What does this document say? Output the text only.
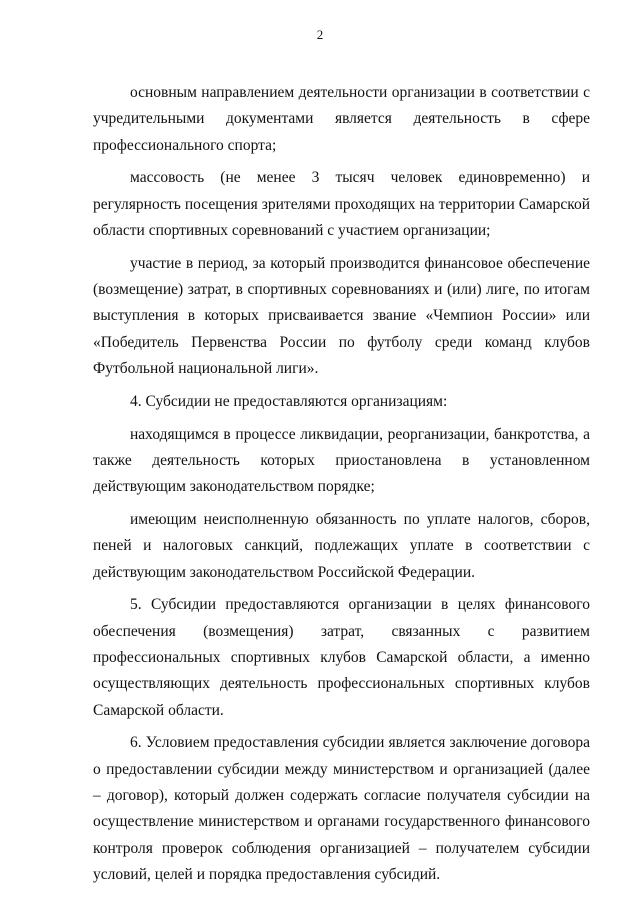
2

основным направлением деятельности организации в соответствии с учредительными документами является деятельность в сфере профессионального спорта;

массовость (не менее 3 тысяч человек единовременно) и регулярность посещения зрителями проходящих на территории Самарской области спортивных соревнований с участием организации;

участие в период, за который производится финансовое обеспечение (возмещение) затрат, в спортивных соревнованиях и (или) лиге, по итогам выступления в которых присваивается звание «Чемпион России» или «Победитель Первенства России по футболу среди команд клубов Футбольной национальной лиги».

4. Субсидии не предоставляются организациям:

находящимся в процессе ликвидации, реорганизации, банкротства, а также деятельность которых приостановлена в установленном действующим законодательством порядке;

имеющим неисполненную обязанность по уплате налогов, сборов, пеней и налоговых санкций, подлежащих уплате в соответствии с действующим законодательством Российской Федерации.

5. Субсидии предоставляются организации в целях финансового обеспечения (возмещения) затрат, связанных с развитием профессиональных спортивных клубов Самарской области, а именно осуществляющих деятельность профессиональных спортивных клубов Самарской области.

6. Условием предоставления субсидии является заключение договора о предоставлении субсидии между министерством и организацией (далее – договор), который должен содержать согласие получателя субсидии на осуществление министерством и органами государственного финансового контроля проверок соблюдения организацией – получателем субсидии условий, целей и порядка предоставления субсидий.
